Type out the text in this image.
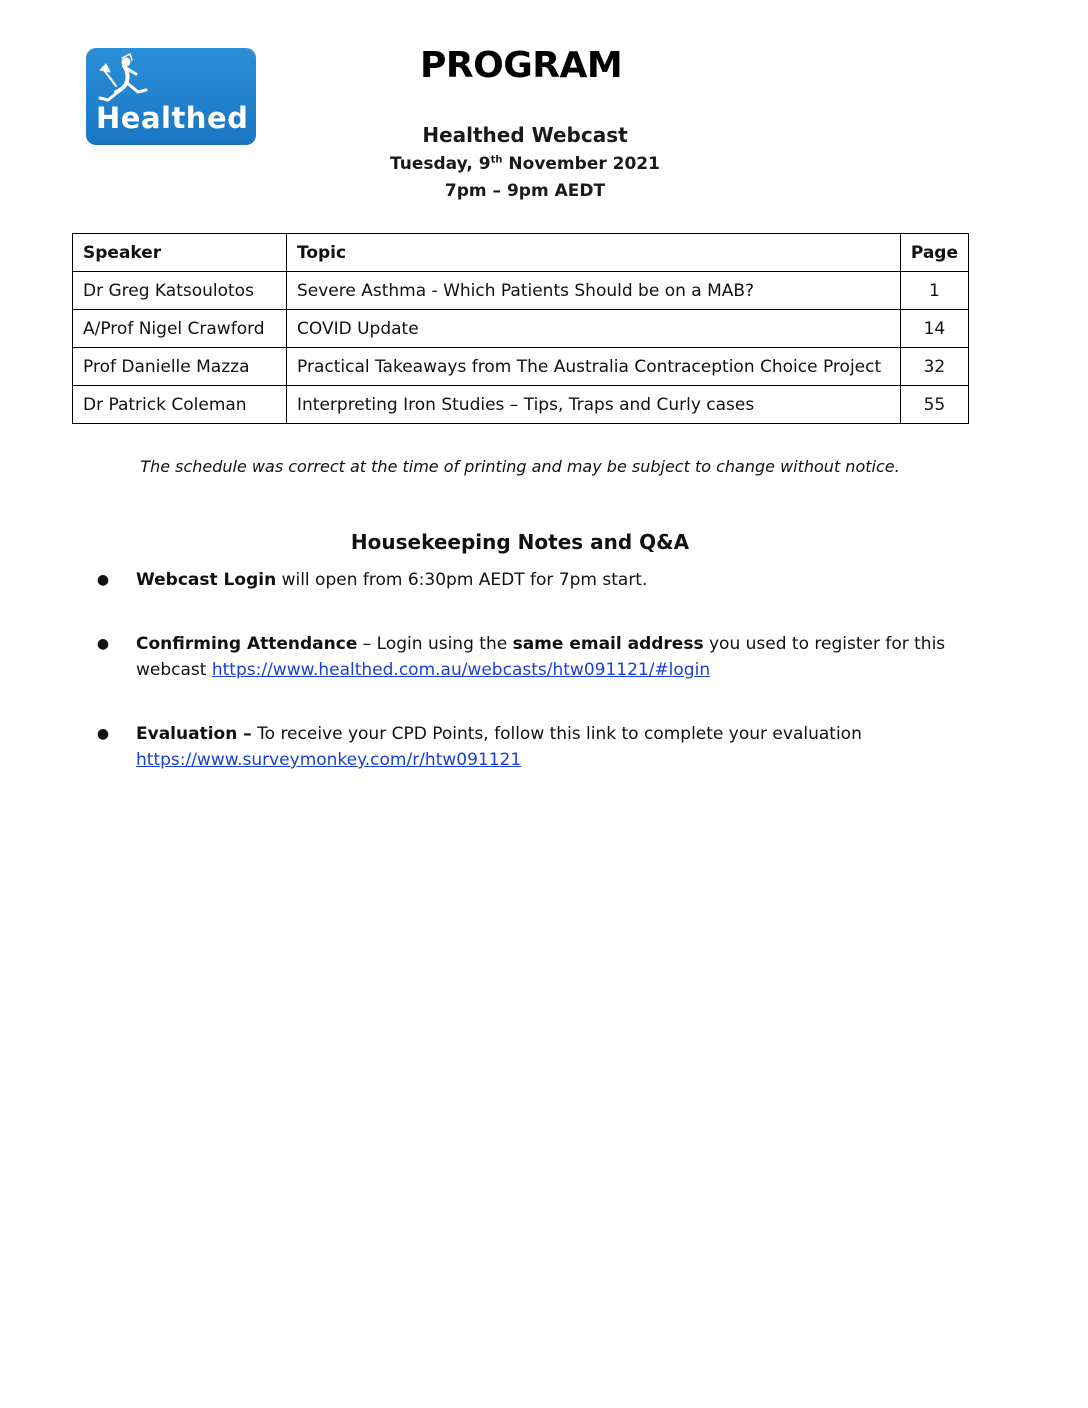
Healthed
PROGRAM
Healthed Webcast
Tuesday, 9th November 2021
7pm – 9pm AEDT
Speaker	Topic	Page
Dr Greg Katsoulotos	Severe Asthma - Which Patients Should be on a MAB?	1
A/Prof Nigel Crawford	COVID Update	14
Prof Danielle Mazza	Practical Takeaways from The Australia Contraception Choice Project	32
Dr Patrick Coleman	Interpreting Iron Studies – Tips, Traps and Curly cases	55
The schedule was correct at the time of printing and may be subject to change without notice.
Housekeeping Notes and Q&A
● Webcast Login will open from 6:30pm AEDT for 7pm start.
● Confirming Attendance – Login using the same email address you used to register for this webcast https://www.healthed.com.au/webcasts/htw091121/#login
● Evaluation – To receive your CPD Points, follow this link to complete your evaluation https://www.surveymonkey.com/r/htw091121
